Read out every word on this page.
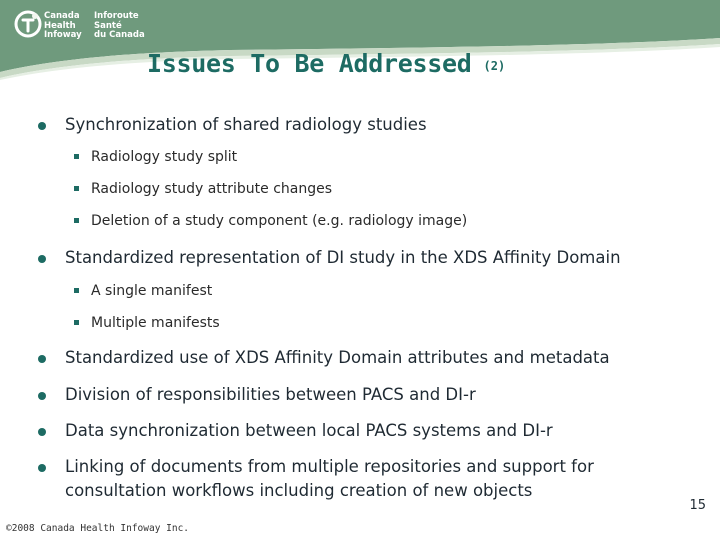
Canada
Health
Infoway
Inforoute
Santé
du Canada
Issues To Be Addressed (2)
Synchronization of shared radiology studies
Radiology study split
Radiology study attribute changes
Deletion of a study component (e.g. radiology image)
Standardized representation of DI study in the XDS Affinity Domain
A single manifest
Multiple manifests
Standardized use of XDS Affinity Domain attributes and metadata
Division of responsibilities between PACS and DI-r
Data synchronization between local PACS systems and DI-r
Linking of documents from multiple repositories and support for
consultation workflows including creation of new objects
15
©2008 Canada Health Infoway Inc.
